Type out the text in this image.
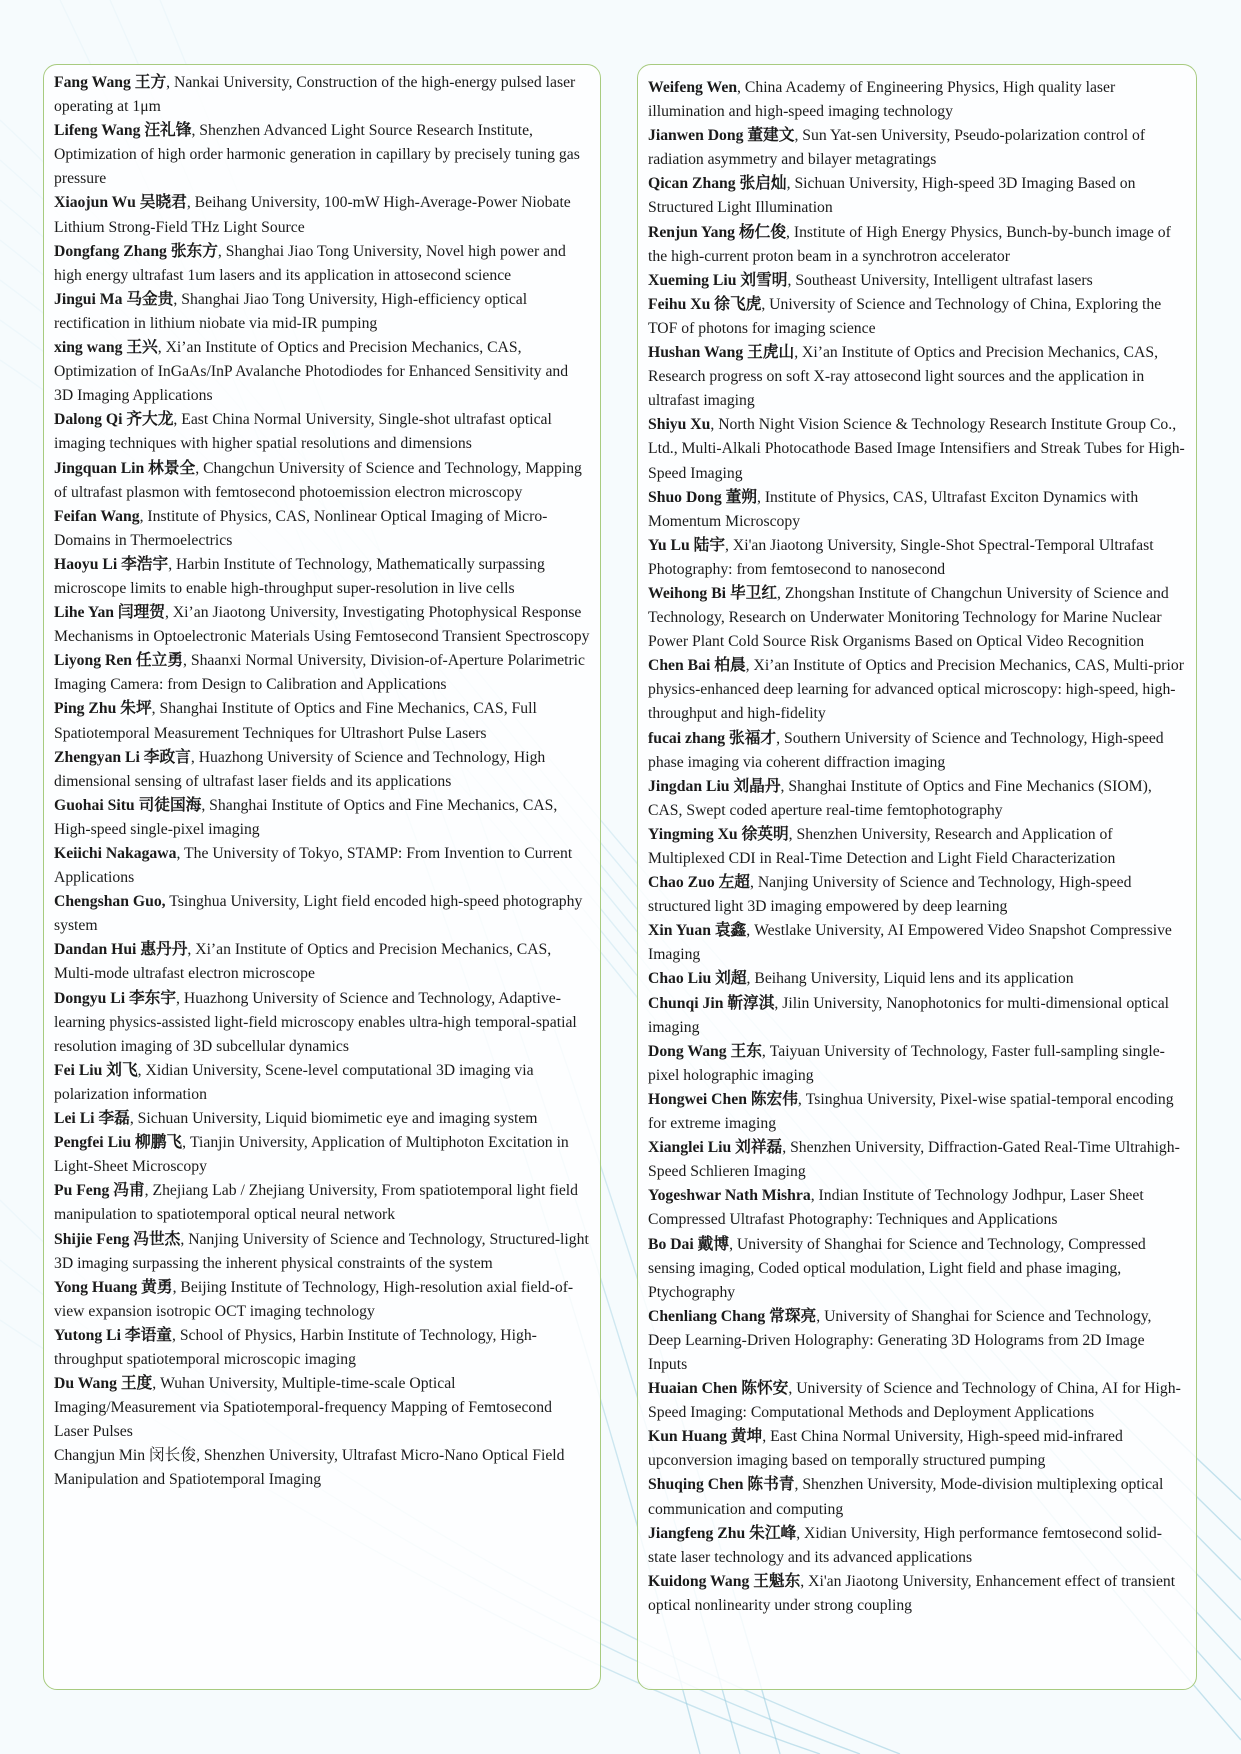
Fang Wang 王方, Nankai University, Construction of the high-energy pulsed laser operating at 1μm

Lifeng Wang 汪礼锋, Shenzhen Advanced Light Source Research Institute, Optimization of high order harmonic generation in capillary by precisely tuning gas pressure

Xiaojun Wu 吴晓君, Beihang University, 100-mW High-Average-Power Niobate Lithium Strong-Field THz Light Source

Dongfang Zhang 张东方, Shanghai Jiao Tong University, Novel high power and high energy ultrafast 1um lasers and its application in attosecond science

Jingui Ma 马金贵, Shanghai Jiao Tong University, High-efficiency optical rectification in lithium niobate via mid-IR pumping

xing wang 王兴, Xi’an Institute of Optics and Precision Mechanics, CAS, Optimization of InGaAs/InP Avalanche Photodiodes for Enhanced Sensitivity and 3D Imaging Applications

Dalong Qi 齐大龙, East China Normal University, Single-shot ultrafast optical imaging techniques with higher spatial resolutions and dimensions

Jingquan Lin 林景全, Changchun University of Science and Technology, Mapping of ultrafast plasmon with femtosecond photoemission electron microscopy

Feifan Wang, Institute of Physics, CAS, Nonlinear Optical Imaging of Micro-Domains in Thermoelectrics

Haoyu Li 李浩宇, Harbin Institute of Technology, Mathematically surpassing microscope limits to enable high-throughput super-resolution in live cells

Lihe Yan 闫理贺, Xi’an Jiaotong University, Investigating Photophysical Response Mechanisms in Optoelectronic Materials Using Femtosecond Transient Spectroscopy

Liyong Ren 任立勇, Shaanxi Normal University, Division-of-Aperture Polarimetric Imaging Camera: from Design to Calibration and Applications

Ping Zhu 朱坪, Shanghai Institute of Optics and Fine Mechanics, CAS, Full Spatiotemporal Measurement Techniques for Ultrashort Pulse Lasers

Zhengyan Li 李政言, Huazhong University of Science and Technology, High dimensional sensing of ultrafast laser fields and its applications

Guohai Situ 司徒国海, Shanghai Institute of Optics and Fine Mechanics, CAS, High-speed single-pixel imaging

Keiichi Nakagawa, The University of Tokyo, STAMP: From Invention to Current Applications

Chengshan Guo, Tsinghua University, Light field encoded high-speed photography system

Dandan Hui 惠丹丹, Xi’an Institute of Optics and Precision Mechanics, CAS, Multi-mode ultrafast electron microscope

Dongyu Li 李东宇, Huazhong University of Science and Technology, Adaptive-learning physics-assisted light-field microscopy enables ultra-high temporal-spatial resolution imaging of 3D subcellular dynamics

Fei Liu 刘飞, Xidian University, Scene-level computational 3D imaging via polarization information

Lei Li 李磊, Sichuan University, Liquid biomimetic eye and imaging system

Pengfei Liu 柳鹏飞, Tianjin University, Application of Multiphoton Excitation in Light-Sheet Microscopy

Pu Feng 冯甫, Zhejiang Lab / Zhejiang University, From spatiotemporal light field manipulation to spatiotemporal optical neural network

Shijie Feng 冯世杰, Nanjing University of Science and Technology, Structured-light 3D imaging surpassing the inherent physical constraints of the system

Yong Huang 黄勇, Beijing Institute of Technology, High-resolution axial field-of-view expansion isotropic OCT imaging technology

Yutong Li 李语童, School of Physics, Harbin Institute of Technology, High-throughput spatiotemporal microscopic imaging

Du Wang 王度, Wuhan University, Multiple-time-scale Optical Imaging/Measurement via Spatiotemporal-frequency Mapping of Femtosecond Laser Pulses

Changjun Min 闵长俊, Shenzhen University, Ultrafast Micro-Nano Optical Field Manipulation and Spatiotemporal Imaging

Weifeng Wen, China Academy of Engineering Physics, High quality laser illumination and high-speed imaging technology

Jianwen Dong 董建文, Sun Yat-sen University, Pseudo-polarization control of radiation asymmetry and bilayer metagratings

Qican Zhang 张启灿, Sichuan University, High-speed 3D Imaging Based on Structured Light Illumination

Renjun Yang 杨仁俊, Institute of High Energy Physics, Bunch-by-bunch image of the high-current proton beam in a synchrotron accelerator

Xueming Liu 刘雪明, Southeast University, Intelligent ultrafast lasers

Feihu Xu 徐飞虎, University of Science and Technology of China, Exploring the TOF of photons for imaging science

Hushan Wang 王虎山, Xi’an Institute of Optics and Precision Mechanics, CAS, Research progress on soft X-ray attosecond light sources and the application in ultrafast imaging

Shiyu Xu, North Night Vision Science & Technology Research Institute Group Co., Ltd., Multi-Alkali Photocathode Based Image Intensifiers and Streak Tubes for High-Speed Imaging

Shuo Dong 董朔, Institute of Physics, CAS, Ultrafast Exciton Dynamics with Momentum Microscopy

Yu Lu 陆宇, Xi'an Jiaotong University, Single-Shot Spectral-Temporal Ultrafast Photography: from femtosecond to nanosecond

Weihong Bi 毕卫红, Zhongshan Institute of Changchun University of Science and Technology, Research on Underwater Monitoring Technology for Marine Nuclear Power Plant Cold Source Risk Organisms Based on Optical Video Recognition

Chen Bai 柏晨, Xi’an Institute of Optics and Precision Mechanics, CAS, Multi-prior physics-enhanced deep learning for advanced optical microscopy: high-speed, high-throughput and high-fidelity

fucai zhang 张福才, Southern University of Science and Technology, High-speed phase imaging via coherent diffraction imaging

Jingdan Liu 刘晶丹, Shanghai Institute of Optics and Fine Mechanics (SIOM), CAS, Swept coded aperture real-time femtophotography

Yingming Xu 徐英明, Shenzhen University, Research and Application of Multiplexed CDI in Real-Time Detection and Light Field Characterization

Chao Zuo 左超, Nanjing University of Science and Technology, High-speed structured light 3D imaging empowered by deep learning

Xin Yuan 袁鑫, Westlake University, AI Empowered Video Snapshot Compressive Imaging

Chao Liu 刘超, Beihang University, Liquid lens and its application

Chunqi Jin 靳淳淇, Jilin University, Nanophotonics for multi-dimensional optical imaging

Dong Wang 王东, Taiyuan University of Technology, Faster full-sampling single-pixel holographic imaging

Hongwei Chen 陈宏伟, Tsinghua University, Pixel-wise spatial-temporal encoding for extreme imaging

Xianglei Liu 刘祥磊, Shenzhen University, Diffraction-Gated Real-Time Ultrahigh-Speed Schlieren Imaging

Yogeshwar Nath Mishra, Indian Institute of Technology Jodhpur, Laser Sheet Compressed Ultrafast Photography: Techniques and Applications

Bo Dai 戴博, University of Shanghai for Science and Technology, Compressed sensing imaging, Coded optical modulation, Light field and phase imaging, Ptychography

Chenliang Chang 常琛亮, University of Shanghai for Science and Technology, Deep Learning-Driven Holography: Generating 3D Holograms from 2D Image Inputs

Huaian Chen 陈怀安, University of Science and Technology of China, AI for High-Speed Imaging: Computational Methods and Deployment Applications

Kun Huang 黄坤, East China Normal University, High-speed mid-infrared upconversion imaging based on temporally structured pumping

Shuqing Chen 陈书青, Shenzhen University, Mode-division multiplexing optical communication and computing

Jiangfeng Zhu 朱江峰, Xidian University, High performance femtosecond solid-state laser technology and its advanced applications

Kuidong Wang 王魁东, Xi'an Jiaotong University, Enhancement effect of transient optical nonlinearity under strong coupling
